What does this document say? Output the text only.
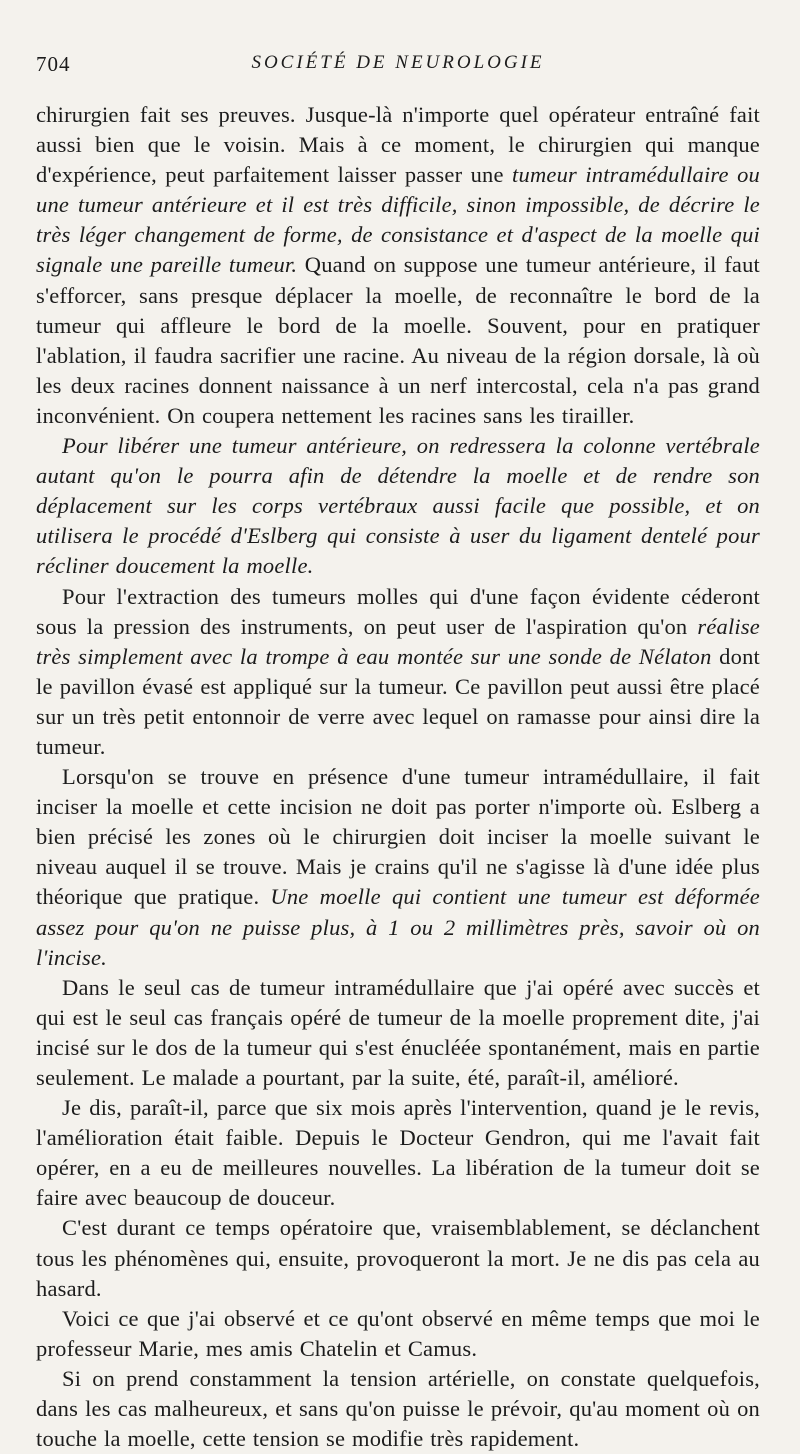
704	SOCIÉTÉ DE NEUROLOGIE

chirurgien fait ses preuves. Jusque-là n'importe quel opérateur entraîné fait aussi bien que le voisin. Mais à ce moment, le chirurgien qui manque d'expérience, peut parfaitement laisser passer une tumeur intramédullaire ou une tumeur antérieure et il est très difficile, sinon impossible, de décrire le très léger changement de forme, de consistance et d'aspect de la moelle qui signale une pareille tumeur. Quand on suppose une tumeur antérieure, il faut s'efforcer, sans presque déplacer la moelle, de reconnaître le bord de la tumeur qui affleure le bord de la moelle. Souvent, pour en pratiquer l'ablation, il faudra sacrifier une racine. Au niveau de la région dorsale, là où les deux racines donnent naissance à un nerf intercostal, cela n'a pas grand inconvénient. On coupera nettement les racines sans les tirailler.

Pour libérer une tumeur antérieure, on redressera la colonne vertébrale autant qu'on le pourra afin de détendre la moelle et de rendre son déplacement sur les corps vertébraux aussi facile que possible, et on utilisera le procédé d'Eslberg qui consiste à user du ligament dentelé pour récliner doucement la moelle.

Pour l'extraction des tumeurs molles qui d'une façon évidente céderont sous la pression des instruments, on peut user de l'aspiration qu'on réalise très simplement avec la trompe à eau montée sur une sonde de Nélaton dont le pavillon évasé est appliqué sur la tumeur. Ce pavillon peut aussi être placé sur un très petit entonnoir de verre avec lequel on ramasse pour ainsi dire la tumeur.

Lorsqu'on se trouve en présence d'une tumeur intramédullaire, il fait inciser la moelle et cette incision ne doit pas porter n'importe où. Eslberg a bien précisé les zones où le chirurgien doit inciser la moelle suivant le niveau auquel il se trouve. Mais je crains qu'il ne s'agisse là d'une idée plus théorique que pratique. Une moelle qui contient une tumeur est déformée assez pour qu'on ne puisse plus, à 1 ou 2 millimètres près, savoir où on l'incise.

Dans le seul cas de tumeur intramédullaire que j'ai opéré avec succès et qui est le seul cas français opéré de tumeur de la moelle proprement dite, j'ai incisé sur le dos de la tumeur qui s'est énucléée spontanément, mais en partie seulement. Le malade a pourtant, par la suite, été, paraît-il, amélioré.

Je dis, paraît-il, parce que six mois après l'intervention, quand je le revis, l'amélioration était faible. Depuis le Docteur Gendron, qui me l'avait fait opérer, en a eu de meilleures nouvelles. La libération de la tumeur doit se faire avec beaucoup de douceur.

C'est durant ce temps opératoire que, vraisemblablement, se déclanchent tous les phénomènes qui, ensuite, provoqueront la mort. Je ne dis pas cela au hasard.

Voici ce que j'ai observé et ce qu'ont observé en même temps que moi le professeur Marie, mes amis Chatelin et Camus.

Si on prend constamment la tension artérielle, on constate quelquefois, dans les cas malheureux, et sans qu'on puisse le prévoir, qu'au moment où on touche la moelle, cette tension se modifie très rapidement.
